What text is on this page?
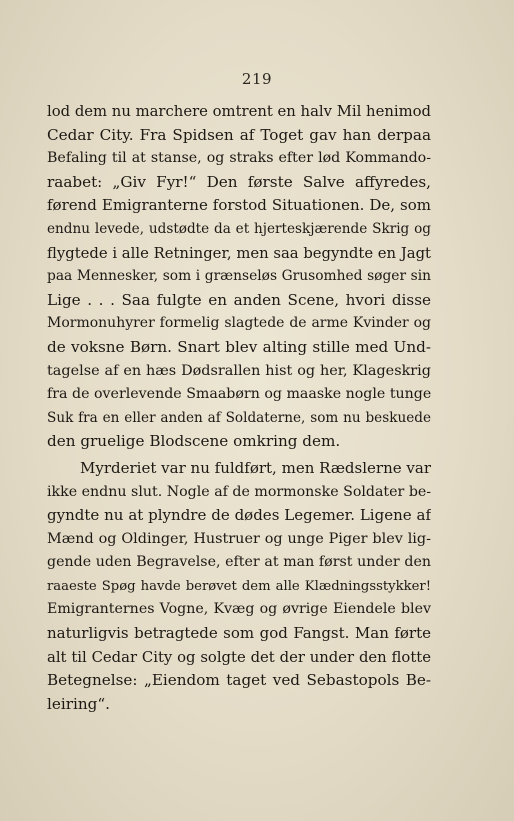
219
lod dem nu marchere omtrent en halv Mil henimod
Cedar City. Fra Spidsen af Toget gav han derpaa
Befaling til at stanse, og straks efter lød Kommando-
raabet: „Giv Fyr!“ Den første Salve affyredes,
førend Emigranterne forstod Situationen. De, som
endnu levede, udstødte da et hjerteskjærende Skrig og
flygtede i alle Retninger, men saa begyndte en Jagt
paa Mennesker, som i grænseløs Grusomhed søger sin
Lige . . . Saa fulgte en anden Scene, hvori disse
Mormonuhyrer formelig slagtede de arme Kvinder og
de voksne Børn. Snart blev alting stille med Und-
tagelse af en hæs Dødsrallen hist og her, Klageskrig
fra de overlevende Smaabørn og maaske nogle tunge
Suk fra en eller anden af Soldaterne, som nu beskuede
den gruelige Blodscene omkring dem.
Myrderiet var nu fuldført, men Rædslerne var
ikke endnu slut. Nogle af de mormonske Soldater be-
gyndte nu at plyndre de dødes Legemer. Ligene af
Mænd og Oldinger, Hustruer og unge Piger blev lig-
gende uden Begravelse, efter at man først under den
raaeste Spøg havde berøvet dem alle Klædningsstykker!
Emigranternes Vogne, Kvæg og øvrige Eiendele blev
naturligvis betragtede som god Fangst. Man førte
alt til Cedar City og solgte det der under den flotte
Betegnelse: „Eiendom taget ved Sebastopols Be-
leiring“.
